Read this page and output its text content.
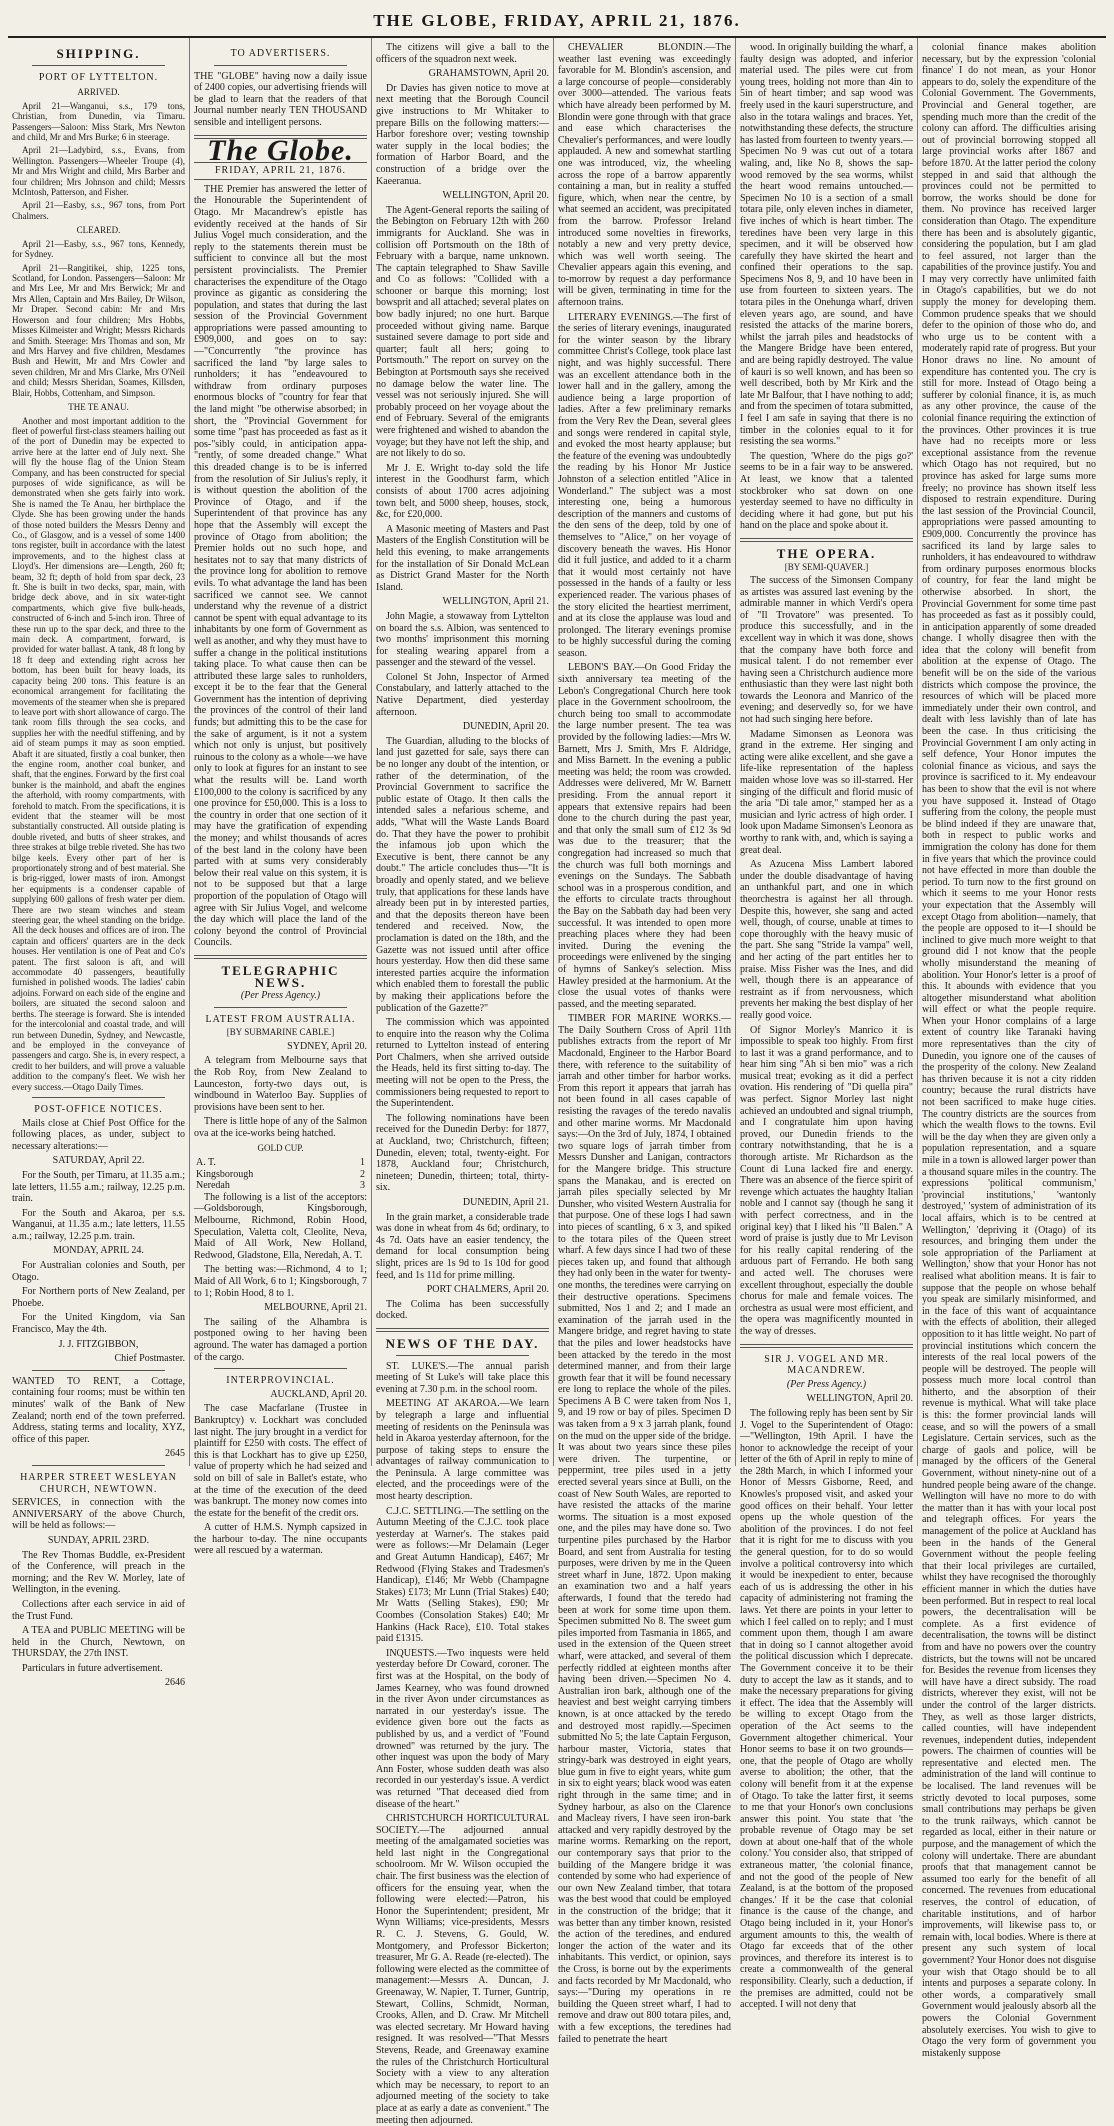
THE GLOBE, FRIDAY, APRIL 21, 1876.
SHIPPING.
PORT OF LYTTELTON.
ARRIVED.

April 21—Wanganui, s.s., 179 tons, Christian, from Dunedin, via Timaru. Passengers—Saloon: Miss Stark, Mrs Newton and child, Mr and Mrs Burke; 6 in steerage.

April 21—Ladybird, s.s., Evans, from Wellington. Passengers—Wheeler Troupe (4), Mr and Mrs Wright and child, Mrs Barber and four children; Mrs Johnson and child; Messrs McIntosh, Patterson, and Fisher.

April 21—Easby, s.s., 967 tons, from Port Chalmers.

CLEARED.

April 21—Easby, s.s., 967 tons, Kennedy, for Sydney.

April 21—Rangitikei, ship, 1225 tons, Scotland, for London. Passengers—Saloon: Mr and Mrs Lee, Mr and Mrs Berwick; Mr and Mrs Allen, Captain and Mrs Bailey, Dr Wilson, Mr Draper. Second cabin: Mr and Mrs Howerson and four children; Mrs Hobbs, Misses Kilmeister and Wright; Messrs Richards and Smith. Steerage: Mrs Thomas and son, Mr and Mrs Harvey and five children, Mesdames Bush and Hewitt, Mr and Mrs Cowler and seven children, Mr and Mrs Clarke, Mrs O'Neil and child; Messrs Sheridan, Soames, Killsden, Blair, Hobbs, Cottenham, and Simpson.

THE TE ANAU.

Another and most important addition to the fleet of powerful first-class steamers hailing out of the port of Dunedin may be expected to arrive here at the latter end of July next. She will fly the house flag of the Union Steam Company, and has been constructed for special purposes of wide significance, as will be demonstrated when she gets fairly into work. She is named the Te Anau, her birthplace the Clyde. She has been growing under the hands of those noted builders the Messrs Denny and Co., of Glasgow, and is a vessel of some 1400 tons register, built in accordance with the latest improvements, and to the highest class at Lloyd's. Her dimensions are—Length, 260 ft; beam, 32 ft; depth of hold from spar deck, 23 ft. She is built in two decks, spar, main, with bridge deck above, and in six water-tight compartments, which give five bulk-heads, constructed of 6-inch and 5-inch iron. Three of these run up to the spar deck, and three to the main deck. A compartment, forward, is provided for water ballast. A tank, 48 ft long by 18 ft deep and extending right across her bottom, has been built for heavy loads, its capacity being 200 tons. This feature is an economical arrangement for facilitating the movements of the steamer when she is prepared to leave port with short allowance of cargo. The tank room fills through the sea cocks, and supplies her with the needful stiffening, and by aid of steam pumps it may as soon emptied. Abaft it are situated, firstly a coal bunker, then the engine room, another coal bunker, and shaft, that the engines. Forward by the first coal bunker is the mainhold, and abaft the engines the afterhold, with roomy compartments, with forehold to match. From the specifications, it is evident that the steamer will be most substantially constructed. All outside plating is double riveted, and butts of sheer strakes, and three strakes at bilge treble riveted. She has two bilge keels. Every other part of her is proportionately strong and of best material. She is brig-rigged, lower masts of iron. Amongst her equipments is a condenser capable of supplying 600 gallons of fresh water per diem. There are two steam winches and steam steering gear, the wheel standing on the bridge. All the deck houses and offices are of iron. The captain and officers' quarters are in the deck houses. Her ventilation is one of Peat and Co's patent. The first saloon is aft, and will accommodate 40 passengers, beautifully furnished in polished woods. The ladies' cabin adjoins. Forward on each side of the engine and boilers, are situated the second saloon and berths. The steerage is forward. She is intended for the intercolonial and coastal trade, and will run between Dunedin, Sydney, and Newcastle, and be employed in the conveyance of passengers and cargo. She is, in every respect, a credit to her builders, and will prove a valuable addition to the company's fleet. We wish her every success.—Otago Daily Times.

POST-OFFICE NOTICES.

Mails close at Chief Post Office for the following places, as under, subject to necessary alterations:—

SATURDAY, April 22.

For the South, per Timaru, at 11.35 a.m.; late letters, 11.55 a.m.; railway, 12.25 p.m. train.

For the South and Akaroa, per s.s. Wanganui, at 11.35 a.m.; late letters, 11.55 a.m.; railway, 12.25 p.m. train.

MONDAY, APRIL 24.

For Australian colonies and South, per Otago.

For Northern ports of New Zealand, per Phoebe.

For the United Kingdom, via San Francisco, May the 4th.

J. J. FITZGIBBON,

Chief Postmaster.

WANTED TO RENT, a Cottage, containing four rooms; must be within ten minutes' walk of the Bank of New Zealand; north end of the town preferred. Address, stating terms and locality, XYZ, office of this paper.

2645

HARPER STREET WESLEYAN CHURCH, NEWTOWN.

SERVICES, in connection with the ANNIVERSARY of the above Church, will be held as follows:—

SUNDAY, APRIL 23RD.

The Rev Thomas Buddle, ex-President of the Conference, will preach in the morning; and the Rev W. Morley, late of Wellington, in the evening.

Collections after each service in aid of the Trust Fund.

A TEA and PUBLIC MEETING will be held in the Church, Newtown, on THURSDAY, the 27th INST.

Particulars in future advertisement.

2646

TO ADVERTISERS.

THE "GLOBE" having now a daily issue of 2400 copies, our advertising friends will be glad to learn that the readers of that Journal number nearly TEN THOUSAND sensible and intelligent persons.

The Globe.
FRIDAY, APRIL 21, 1876.

THE Premier has answered the letter of the Honourable the Superintendent of Otago. Mr Macandrew's epistle has evidently received at the hands of Sir Julius Vogel much consideration, and the reply to the statements therein must be sufficient to convince all but the most persistent provincialists. The Premier characterises the expenditure of the Otago province as gigantic as considering the population, and states that during the last session of the Provincial Government appropriations were passed amounting to £909,000, and goes on to say:—"Concurrently "the province has sacrificed the land "by large sales to runholders; it has "endeavoured to withdraw from ordinary purposes enormous blocks of "country for fear that the land might "be otherwise absorbed; in short, the "Provincial Government for some time "past has proceeded as fast as it pos-"sibly could, in anticipation appa-"rently, of some dreaded change." What this dreaded change is to be is inferred from the resolution of Sir Julius's reply, it is without question the abolition of the Province of Otago, and if the Superintendent of that province has any hope that the Assembly will except the province of Otago from abolition; the Premier holds out no such hope, and hesitates not to say that many districts of the province long for abolition to remove evils. To what advantage the land has been sacrificed we cannot see. We cannot understand why the revenue of a district cannot be spent with equal advantage to its inhabitants by one form of Government as well as another, and why they must have to suffer a change in the political institutions taking place. To what cause then can be attributed these large sales to runholders, except it be to the fear that the General Government has the intention of depriving the provinces of the control of their land funds; but admitting this to be the case for the sake of argument, is it not a system which not only is unjust, but positively ruinous to the colony as a whole—we have only to look at figures for an instant to see what the results will be. Land worth £100,000 to the colony is sacrificed by any one province for £50,000. This is a loss to the country in order that one section of it may have the gratification of expending the money; and whilst thousands of acres of the best land in the colony have been parted with at sums very considerably below their real value on this system, it is not to be supposed but that a large proportion of the population of Otago will agree with Sir Julius Vogel, and welcome the day which will place the land of the colony beyond the control of Provincial Councils.

TELEGRAPHIC NEWS.

(Per Press Agency.)

LATEST FROM AUSTRALIA.

[BY SUBMARINE CABLE.]

SYDNEY, April 20.

A telegram from Melbourne says that the Rob Roy, from New Zealand to Launceston, forty-two days out, is windbound in Waterloo Bay. Supplies of provisions have been sent to her.

There is little hope of any of the Salmon ova at the ice-works being hatched.

GOLD CUP.
A. T.	1
Kingsborough	2
Neredah	3

The following is a list of the acceptors:—Goldsborough, Kingsborough, Melbourne, Richmond, Robin Hood, Speculation, Valetta colt, Cleolite, Neva, Maid of All Work, New Holland, Redwood, Gladstone, Ella, Neredah, A. T.

The betting was:—Richmond, 4 to 1; Maid of All Work, 6 to 1; Kingsborough, 7 to 1; Robin Hood, 8 to 1.

MELBOURNE, April 21.

The sailing of the Alhambra is postponed owing to her having been aground. The water has damaged a portion of the cargo.

INTERPROVINCIAL.

AUCKLAND, April 20.

The case Macfarlane (Trustee in Bankruptcy) v. Lockhart was concluded last night. The jury brought in a verdict for plaintiff for £250 with costs. The effect of this is that Lockhart has to give up £250, value of property which he had seized and sold on bill of sale in Ballet's estate, who at the time of the execution of the deed was bankrupt. The money now comes into the estate for the benefit of the credit ors.

A cutter of H.M.S. Nymph capsized in the harbour to-day. The nine occupants were all rescued by a waterman.

The citizens will give a ball to the officers of the squadron next week.

GRAHAMSTOWN, April 20.

Dr Davies has given notice to move at next meeting that the Borough Council give instructions to Mr Whitaker to prepare Bills on the following matters:—Harbor foreshore over; vesting township water supply in the local bodies; the formation of Harbor Board, and the construction of a bridge over the Kaeeranua.

WELLINGTON, April 20.

The Agent-General reports the sailing of the Bebington on February 12th with 260 immigrants for Auckland. She was in collision off Portsmouth on the 18th of February with a barque, name unknown. The captain telegraphed to Shaw Saville and Co as follows: "Collided with a schooner or barque this morning; lost bowsprit and all attached; several plates on bow badly injured; no one hurt. Barque proceeded without giving name. Barque sustained severe damage to port side and quarter; fault all hers; going to Portsmouth." The report on survey on the Bebington at Portsmouth says she received no damage below the water line. The vessel was not seriously injured. She will probably proceed on her voyage about the end of February. Several of the emigrants were frightened and wished to abandon the voyage; but they have not left the ship, and are not likely to do so.

Mr J. E. Wright to-day sold the life interest in the Goodhurst farm, which consists of about 1700 acres adjoining town belt, and 5000 sheep, houses, stock, &c, for £20,000.

A Masonic meeting of Masters and Past Masters of the English Constitution will be held this evening, to make arrangements for the installation of Sir Donald McLean as District Grand Master for the North Island.

WELLINGTON, April 21.

John Magie, a stowaway from Lyttelton on board the s.s. Albion, was sentenced to two months' imprisonment this morning for stealing wearing apparel from a passenger and the steward of the vessel.

Colonel St John, Inspector of Armed Constabulary, and latterly attached to the Native Department, died yesterday afternoon.

DUNEDIN, April 20.

The Guardian, alluding to the blocks of land just gazetted for sale, says there can be no longer any doubt of the intention, or rather of the determination, of the Provincial Government to sacrifice the public estate of Otago. It then calls the intended sales a nefarious scheme, and adds, "What will the Waste Lands Board do. That they have the power to prohibit the infamous job upon which the Executive is bent, there cannot be any doubt." The article concludes thus—"It is broadly and openly stated, and we believe truly, that applications for these lands have already been put in by interested parties, and that the deposits thereon have been tendered and received. Now, the proclamation is dated on the 18th, and the Gazette was not issued until after office hours yesterday. How then did these same interested parties acquire the information which enabled them to forestall the public by making their applications before the publication of the Gazette?"

The commission which was appointed to enquire into the reason why the Colima returned to Lyttelton instead of entering Port Chalmers, when she arrived outside the Heads, held its first sitting to-day. The meeting will not be open to the Press, the commissioners being requested to report to the Superintendent.

The following nominations have been received for the Dunedin Derby: for 1877, at Auckland, two; Christchurch, fifteen; Dunedin, eleven; total, twenty-eight. For 1878, Auckland four; Christchurch, nineteen; Dunedin, thirteen; total, thirty-six.

DUNEDIN, April 21.

In the grain market, a considerable trade was done in wheat from 4s 6d; ordinary, to 4s 7d. Oats have an easier tendency, the demand for local consumption being slight, prices are 1s 9d to 1s 10d for good feed, and 1s 11d for prime milling.

PORT CHALMERS, April 20.

The Colima has been successfully docked.

NEWS OF THE DAY.

ST. LUKE'S.—The annual parish meeting of St Luke's will take place this evening at 7.30 p.m. in the school room.

MEETING AT AKAROA.—We learn by telegraph a large and influential meeting of residents on the Peninsula was held in Akaroa yesterday afternoon, for the purpose of taking steps to ensure the advantages of railway communication to the Peninsula. A large committee was elected, and the proceedings were of the most hearty description.

C.J.C. SETTLING.—The settling on the Autumn Meeting of the C.J.C. took place yesterday at Warner's. The stakes paid were as follows:—Mr Delamain (Leger and Great Autumn Handicap), £467; Mr Redwood (Flying Stakes and Tradesmen's Handicap), £146; Mr Webb (Champagne Stakes) £173; Mr Lunn (Trial Stakes) £40; Mr Watts (Selling Stakes), £90; Mr Coombes (Consolation Stakes) £40; Mr Hankins (Hack Race), £10. Total stakes paid £1315.

INQUESTS.—Two inquests were held yesterday before Dr Coward, coroner. The first was at the Hospital, on the body of James Kearney, who was found drowned in the river Avon under circumstances as narrated in our yesterday's issue. The evidence given bore out the facts as published by us, and a verdict of "Found drowned" was returned by the jury. The other inquest was upon the body of Mary Ann Foster, whose sudden death was also recorded in our yesterday's issue. A verdict was returned "That deceased died from disease of the heart."

CHRISTCHURCH HORTICULTURAL SOCIETY.—The adjourned annual meeting of the amalgamated societies was held last night in the Congregational schoolroom. Mr W. Wilson occupied the chair. The first business was the election of officers for the ensuing year, when the following were elected:—Patron, his Honor the Superintendent; president, Mr Wynn Williams; vice-presidents, Messrs R. C. J. Stevens, G. Gould, W. Montgomery, and Professor Bickerton; treasurer, Mr G. A. Reade (re-elected). The following were elected as the committee of management:—Messrs A. Duncan, J. Greenaway, W. Napier, T. Turner, Guntrip, Stewart, Collins, Schmidt, Norman, Crooks, Allen, and D. Craw. Mr Mitchell was elected secretary. Mr Howard having resigned. It was resolved—"That Messrs Stevens, Reade, and Greenaway examine the rules of the Christchurch Horticultural Society with a view to any alteration which may be necessary, to report to an adjourned meeting of the society to take place at as early a date as convenient." The meeting then adjourned.

CHEVALIER BLONDIN.—The weather last evening was exceedingly favorable for M. Blondin's ascension, and a large concourse of people—considerably over 3000—attended. The various feats which have already been performed by M. Blondin were gone through with that grace and ease which characterises the Chevalier's performances, and were loudly applauded. A new and somewhat startling one was introduced, viz, the wheeling across the rope of a barrow apparently containing a man, but in reality a stuffed figure, which, when near the centre, by what seemed an accident, was precipitated from the barrow. Professor Ireland introduced some novelties in fireworks, notably a new and very pretty device, which was well worth seeing. The Chevalier appears again this evening, and to-morrow by request a day performance will be given, terminating in time for the afternoon trains.

LITERARY EVENINGS.—The first of the series of literary evenings, inaugurated for the winter season by the library committee Christ's College, took place last night, and was highly successful. There was an excellent attendance both in the lower hall and in the gallery, among the audience being a large proportion of ladies. After a few preliminary remarks from the Very Rev the Dean, several glees and songs were rendered in capital style, and evoked the most hearty applause; but the feature of the evening was undoubtedly the reading by his Honor Mr Justice Johnston of a selection entitled "Alice in Wonderland." The subject was a most interesting one, being a humorous description of the manners and customs of the den sens of the deep, told by one of themselves to "Alice," on her voyage of discovery beneath the waves. His Honor did it full justice, and added to it a charm that it would most certainly not have possessed in the hands of a faulty or less experienced reader. The various phases of the story elicited the heartiest merriment, and at its close the applause was loud and prolonged. The literary evenings promise to be highly successful during the coming season.

LEBON'S BAY.—On Good Friday the sixth anniversary tea meeting of the Lebon's Congregational Church here took place in the Government schoolroom, the church being too small to accommodate the large number present. The tea was provided by the following ladies:—Mrs W. Barnett, Mrs J. Smith, Mrs F. Aldridge, and Miss Barnett. In the evening a public meeting was held; the room was crowded. Addresses were delivered, Mr W. Barnett presiding. From the annual report it appears that extensive repairs had been done to the church during the past year, and that only the small sum of £12 3s 9d was due to the treasurer; that the congregation had increased so much that the church was full both mornings and evenings on the Sundays. The Sabbath school was in a prosperous condition, and the efforts to circulate tracts throughout the Bay on the Sabbath day had been very successful. It was intended to open more preaching places where they had been invited. During the evening the proceedings were enlivened by the singing of hymns of Sankey's selection. Miss Hawley presided at the harmonium. At the close the usual votes of thanks were passed, and the meeting separated.

TIMBER FOR MARINE WORKS.—The Daily Southern Cross of April 11th publishes extracts from the report of Mr Macdonald, Engineer to the Harbor Board there, with reference to the suitability of jarrah and other timber for harbor works. From this report it appears that jarrah has not been found in all cases capable of resisting the ravages of the teredo navalis and other marine worms. Mr Macdonald says:—On the 3rd of July, 1874, I obtained two square logs of jarrah timber from Messrs Dunsher and Lanigan, contractors for the Mangere bridge. This structure spans the Manakau, and is erected on jarrah piles specially selected by Mr Dunsher, who visited Western Australia for that purpose. One of these logs I had sawn into pieces of scantling, 6 x 3, and spiked to the totara piles of the Queen street wharf. A few days since I had two of these pieces taken up, and found that although they had only been in the water for twenty-one months, the teredines were carrying on their destructive operations. Specimens submitted, Nos 1 and 2; and I made an examination of the jarrah used in the Mangere bridge, and regret having to state that the piles and lower headstocks have been attacked by the teredo in the most determined manner, and from their large growth fear that it will be found necessary ere long to replace the whole of the piles. Specimens A B C were taken from Nos 1, 9, and 19 row or bay of piles. Specimen D was taken from a 9 x 3 jarrah plank, found on the mud on the upper side of the bridge. It was about two years since these piles were driven. The turpentine, or peppermint, tree piles used in a jetty erected several years since at Bulli, on the coast of New South Wales, are reported to have resisted the attacks of the marine worms. The situation is a most exposed one, and the piles may have done so. Two turpentine piles purchased by the Harbor Board, and sent from Australia for testing purposes, were driven by me in the Queen street wharf in June, 1872. Upon making an examination two and a half years afterwards, I found that the teredo had been at work for some time upon them. Specimen submitted No 8. The sweet gum piles imported from Tasmania in 1865, and used in the extension of the Queen street wharf, were attacked, and several of them perfectly riddled at eighteen months after having been driven.—Specimen No 4. Australian iron bark, although one of the heaviest and best weight carrying timbers known, is at once attacked by the teredo and destroyed most rapidly.—Specimen submitted No 5; the late Captain Ferguson, harbour master, Victoria, states that stringy-bark was destroyed in eight years, blue gum in five to eight years, white gum in six to eight years; black wood was eaten right through in the same time; and in Sydney harbour, as also on the Clarence and Macleay rivers, I have seen iron-bark attacked and very rapidly destroyed by the marine worms. Remarking on the report, our contemporary says that prior to the building of the Mangere bridge it was contended by some who had experience of our own New Zealand timber, that totara was the best wood that could be employed in the construction of the bridge; that it was better than any timber known, resisted the action of the teredines, and endured longer the action of the water and its inhabitants. This verdict, or opinion, says the Cross, is borne out by the experiments and facts recorded by Mr Macdonald, who says:—"During my operations in re building the Queen street wharf, I had to remove and draw out 800 totara piles, and, with a few exceptions, the teredines had failed to penetrate the heart

wood. In originally building the wharf, a faulty design was adopted, and inferior material used. The piles were cut from young trees, holding not more than 4in to 5in of heart timber; and sap wood was freely used in the kauri superstructure, and also in the totara walings and braces. Yet, notwithstanding these defects, the structure has lasted from fourteen to twenty years.—Specimen No 9 was cut out of a totara waling, and, like No 8, shows the sap-wood removed by the sea worms, whilst the heart wood remains untouched.—Specimen No 10 is a section of a small totara pile, only eleven inches in diameter, five inches of which is heart timber. The teredines have been very large in this specimen, and it will be observed how carefully they have skirted the heart and confined their operations to the sap. Specimens Nos 8, 9, and 10 have been in use from fourteen to sixteen years. The totara piles in the Onehunga wharf, driven eleven years ago, are sound, and have resisted the attacks of the marine borers, whilst the jarrah piles and headstocks of the Mangere Bridge have been entered, and are being rapidly destroyed. The value of kauri is so well known, and has been so well described, both by Mr Kirk and the late Mr Balfour, that I have nothing to add; and from the specimen of totara submitted, I feel I am safe in saying that there is no timber in the colonies equal to it for resisting the sea worms."

The question, 'Where do the pigs go?' seems to be in a fair way to be answered. At least, we know that a talented stockbroker who sat down on one yesterday seemed to have no difficulty in deciding where it had gone, but put his hand on the place and spoke about it.

THE OPERA.

[BY SEMI-QUAVER.]

The success of the Simonsen Company as artistes was assured last evening by the admirable manner in which Verdi's opera of "Il Trovatore" was presented. To produce this successfully, and in the excellent way in which it was done, shows that the company have both force and musical talent. I do not remember ever having seen a Christchurch audience more enthusiastic than they were last night both towards the Leonora and Manrico of the evening; and deservedly so, for we have not had such singing here before.

Madame Simonsen as Leonora was grand in the extreme. Her singing and acting were alike excellent, and she gave a life-like representation of the hapless maiden whose love was so ill-starred. Her singing of the difficult and florid music of the aria "Di tale amor," stamped her as a musician and lyric actress of high order. I look upon Madame Simonsen's Leonora as worthy to rank with, and, which is saying a great deal.

As Azucena Miss Lambert labored under the double disadvantage of having an unthankful part, and one in which theorchestra is against her all through. Despite this, however, she sang and acted well, though, of course, unable at times to cope thoroughly with the heavy music of the part. She sang "Stride la vampa" well, and her acting of the part entitles her to praise. Miss Fisher was the Ines, and did well, though there is an appearance of restraint as if from nervousness, which prevents her making the best display of her really good voice.

Of Signor Morley's Manrico it is impossible to speak too highly. From first to last it was a grand performance, and to hear him sing "Ah si ben mio" was a rich musical treat; evoking as it did a perfect ovation. His rendering of "Di quella pira" was perfect. Signor Morley last night achieved an undoubted and signal triumph, and I congratulate him upon having proved, our Dunedin friends to the contrary notwithstanding, that he is a thorough artiste. Mr Richardson as the Count di Luna lacked fire and energy. There was an absence of the fierce spirit of revenge which actuates the haughty Italian noble and I cannot say (though he sang it with perfect correctness, and in the original key) that I liked his "Il Balen." A word of praise is justly due to Mr Levison for his really capital rendering of the arduous part of Ferrando. He both sang and acted well. The choruses were excellent throughout, especially the double chorus for male and female voices. The orchestra as usual were most efficient, and the opera was magnificently mounted in the way of dresses.

SIR J. VOGEL AND MR. MACANDREW.

(Per Press Agency.)

WELLINGTON, April 20.

The following reply has been sent by Sir J. Vogel to the Superintendent of Otago:—"Wellington, 19th April. I have the honor to acknowledge the receipt of your letter of the 6th of April in reply to mine of the 28th March, in which I informed your Honor of Messrs Gisborne, Reed, and Knowles's proposed visit, and asked your good offices on their behalf. Your letter opens up the whole question of the abolition of the provinces. I do not feel that it is right for me to discuss with you the general question, for to do so would involve a political controversy into which it would be inexpedient to enter, because each of us is addressing the other in his capacity of administering not framing the laws. Yet there are points in your letter to which I feel called on to reply; and I must comment upon them, though I am aware that in doing so I cannot altogether avoid the political discussion which I deprecate. The Government conceive it to be their duty to accept the law as it stands, and to make the necessary preparations for giving it effect. The idea that the Assembly will be willing to except Otago from the operation of the Act seems to the Government altogether chimerical. Your Honor seems to base it on two grounds—one, that the people of Otago are wholly averse to abolition; the other, that the colony will benefit from it at the expense of Otago. To take the latter first, it seems to me that your Honor's own conclusions answer this point. You state that 'the probable revenue of Otago may be set down at about one-half that of the whole colony.' You consider also, that stripped of extraneous matter, 'the colonial finance, and not the good of the people of New Zealand, is at the bottom of the proposed changes.' If it be the case that colonial finance is the cause of the change, and Otago being included in it, your Honor's argument amounts to this, the wealth of Otago far exceeds that of the other provinces, and therefore its interest is to create a commonwealth of the general responsibility. Clearly, such a deduction, if the premises are admitted, could not be accepted. I will not deny that

colonial finance makes abolition necessary, but by the expression 'colonial finance' I do not mean, as your Honor appears to do, solely the expenditure of the Colonial Government. The Governments, Provincial and General together, are spending much more than the credit of the colony can afford. The difficulties arising out of provincial borrowing stopped all large provincial works after 1867 and before 1870. At the latter period the colony stepped in and said that although the provinces could not be permitted to borrow, the works should be done for them. No province has received larger consideration than Otago. The expenditure there has been and is absolutely gigantic, considering the population, but I am glad to feel assured, not larger than the capabilities of the province justify. You and I may very correctly have unlimited faith in Otago's capabilities, but we do not supply the money for developing them. Common prudence speaks that we should defer to the opinion of those who do, and who urge us to be content with a moderately rapid rate of progress. But your Honor draws no line. No amount of expenditure has contented you. The cry is still for more. Instead of Otago being a sufferer by colonial finance, it is, as much as any other province, the cause of the colonial finance requiring the extinction of the provinces. Other provinces it is true have had no receipts more or less exceptional assistance from the revenue which Otago has not required, but no province has asked for large sums more freely; no province has shown itself less disposed to restrain expenditure. During the last session of the Provincial Council, appropriations were passed amounting to £909,000. Concurrently the province has sacrificed its land by large sales to runholders, it has endeavoured to withdraw from ordinary purposes enormous blocks of country, for fear the land might be otherwise absorbed. In short, the Provincial Government for some time past has proceeded as fast as it possibly could, in anticipation apparently of some dreaded change. I wholly disagree then with the idea that the colony will benefit from abolition at the expense of Otago. The benefit will be on the side of the various districts which compose the province, the resources of which will be placed more immediately under their own control, and dealt with less lavishly than of late has been the case. In thus criticising the Provincial Government I am only acting in self defence, Your Honor imputes the colonial finance as vicious, and says the province is sacrificed to it. My endeavour has been to show that the evil is not where you have supposed it. Instead of Otago suffering from the colony, the people must be blind indeed if they are unaware that, both in respect to public works and immigration the colony has done for them in five years that which the province could not have effected in more than double the period. To turn now to the first ground on which it seems to me your Honor rests your expectation that the Assembly will except Otago from abolition—namely, that the people are opposed to it—I should be inclined to give much more weight to that ground did I not know that the people wholly misunderstand the meaning of abolition. Your Honor's letter is a proof of this. It abounds with evidence that you altogether misunderstand what abolition will effect or what the people require. When your Honor complains of a large extent of country like Taranaki having more representatives than the city of Dunedin, you ignore one of the causes of the prosperity of the colony. New Zealand has thriven because it is not a city ridden country; because the rural districts have not been sacrificed to make huge cities. The country districts are the sources from which the wealth flows to the towns. Evil will be the day when they are given only a population representation, and a square mile in a town is allowed larger power than a thousand square miles in the country. The expressions 'political communism,' 'provincial institutions,' 'wantonly destroyed,' 'system of administration of its local affairs, which is to be centred at Wellington,' 'depriving it (Otago) of its resources, and bringing them under the sole appropriation of the Parliament at Wellington,' show that your Honor has not realised what abolition means. It is fair to suppose that the people on whose behalf you speak are similarly misinformed, and in the face of this want of acquaintance with the effects of abolition, their alleged opposition to it has little weight. No part of provincial institutions which concern the interests of the real local powers of the people will be destroyed. The people will possess much more local control than hitherto, and the absorption of their revenue is mythical. What will take place is this: the former provincial lands will cease, and so will the powers of a small Legislature. Certain services, such as the charge of gaols and police, will be managed by the officers of the General Government, without ninety-nine out of a hundred people being aware of the change. Wellington will have no more to do with the matter than it has with your local post and telegraph offices. For years the management of the police at Auckland has been in the hands of the General Government without the people feeling that their local privileges are curtailed, whilst they have recognised the thoroughly efficient manner in which the duties have been performed. But in respect to real local powers, the decentralisation will be complete. As a first evidence of decentralisation, the towns will be distinct from and have no powers over the country districts, but the towns will not be uncared for. Besides the revenue from licenses they will have have a direct subsidy. The road districts, wherever they exist, will not be under the control of the larger districts. They, as well as those larger districts, called counties, will have independent revenues, independent duties, independent powers. The chairmen of counties will be representative and elected men. The administration of the land will continue to be localised. The land revenues will be strictly devoted to local purposes, some small contributions may perhaps be given to the trunk railways, which cannot be regarded as local, either in their nature or purpose, and the management of which the colony will undertake. There are abundant proofs that that management cannot be assumed too early for the benefit of all concerned. The revenues from educational reserves, the control of education, of charitable institutions, and of harbor improvements, will likewise pass to, or remain with, local bodies. Where is there at present any such system of local government? Your Honor does not disguise your wish that Otago should be to all intents and purposes a separate colony. In other words, a comparatively small Government would jealously absorb all the powers the Colonial Government absolutely exercises. You wish to give to Otago the very form of government you mistakenly suppose
